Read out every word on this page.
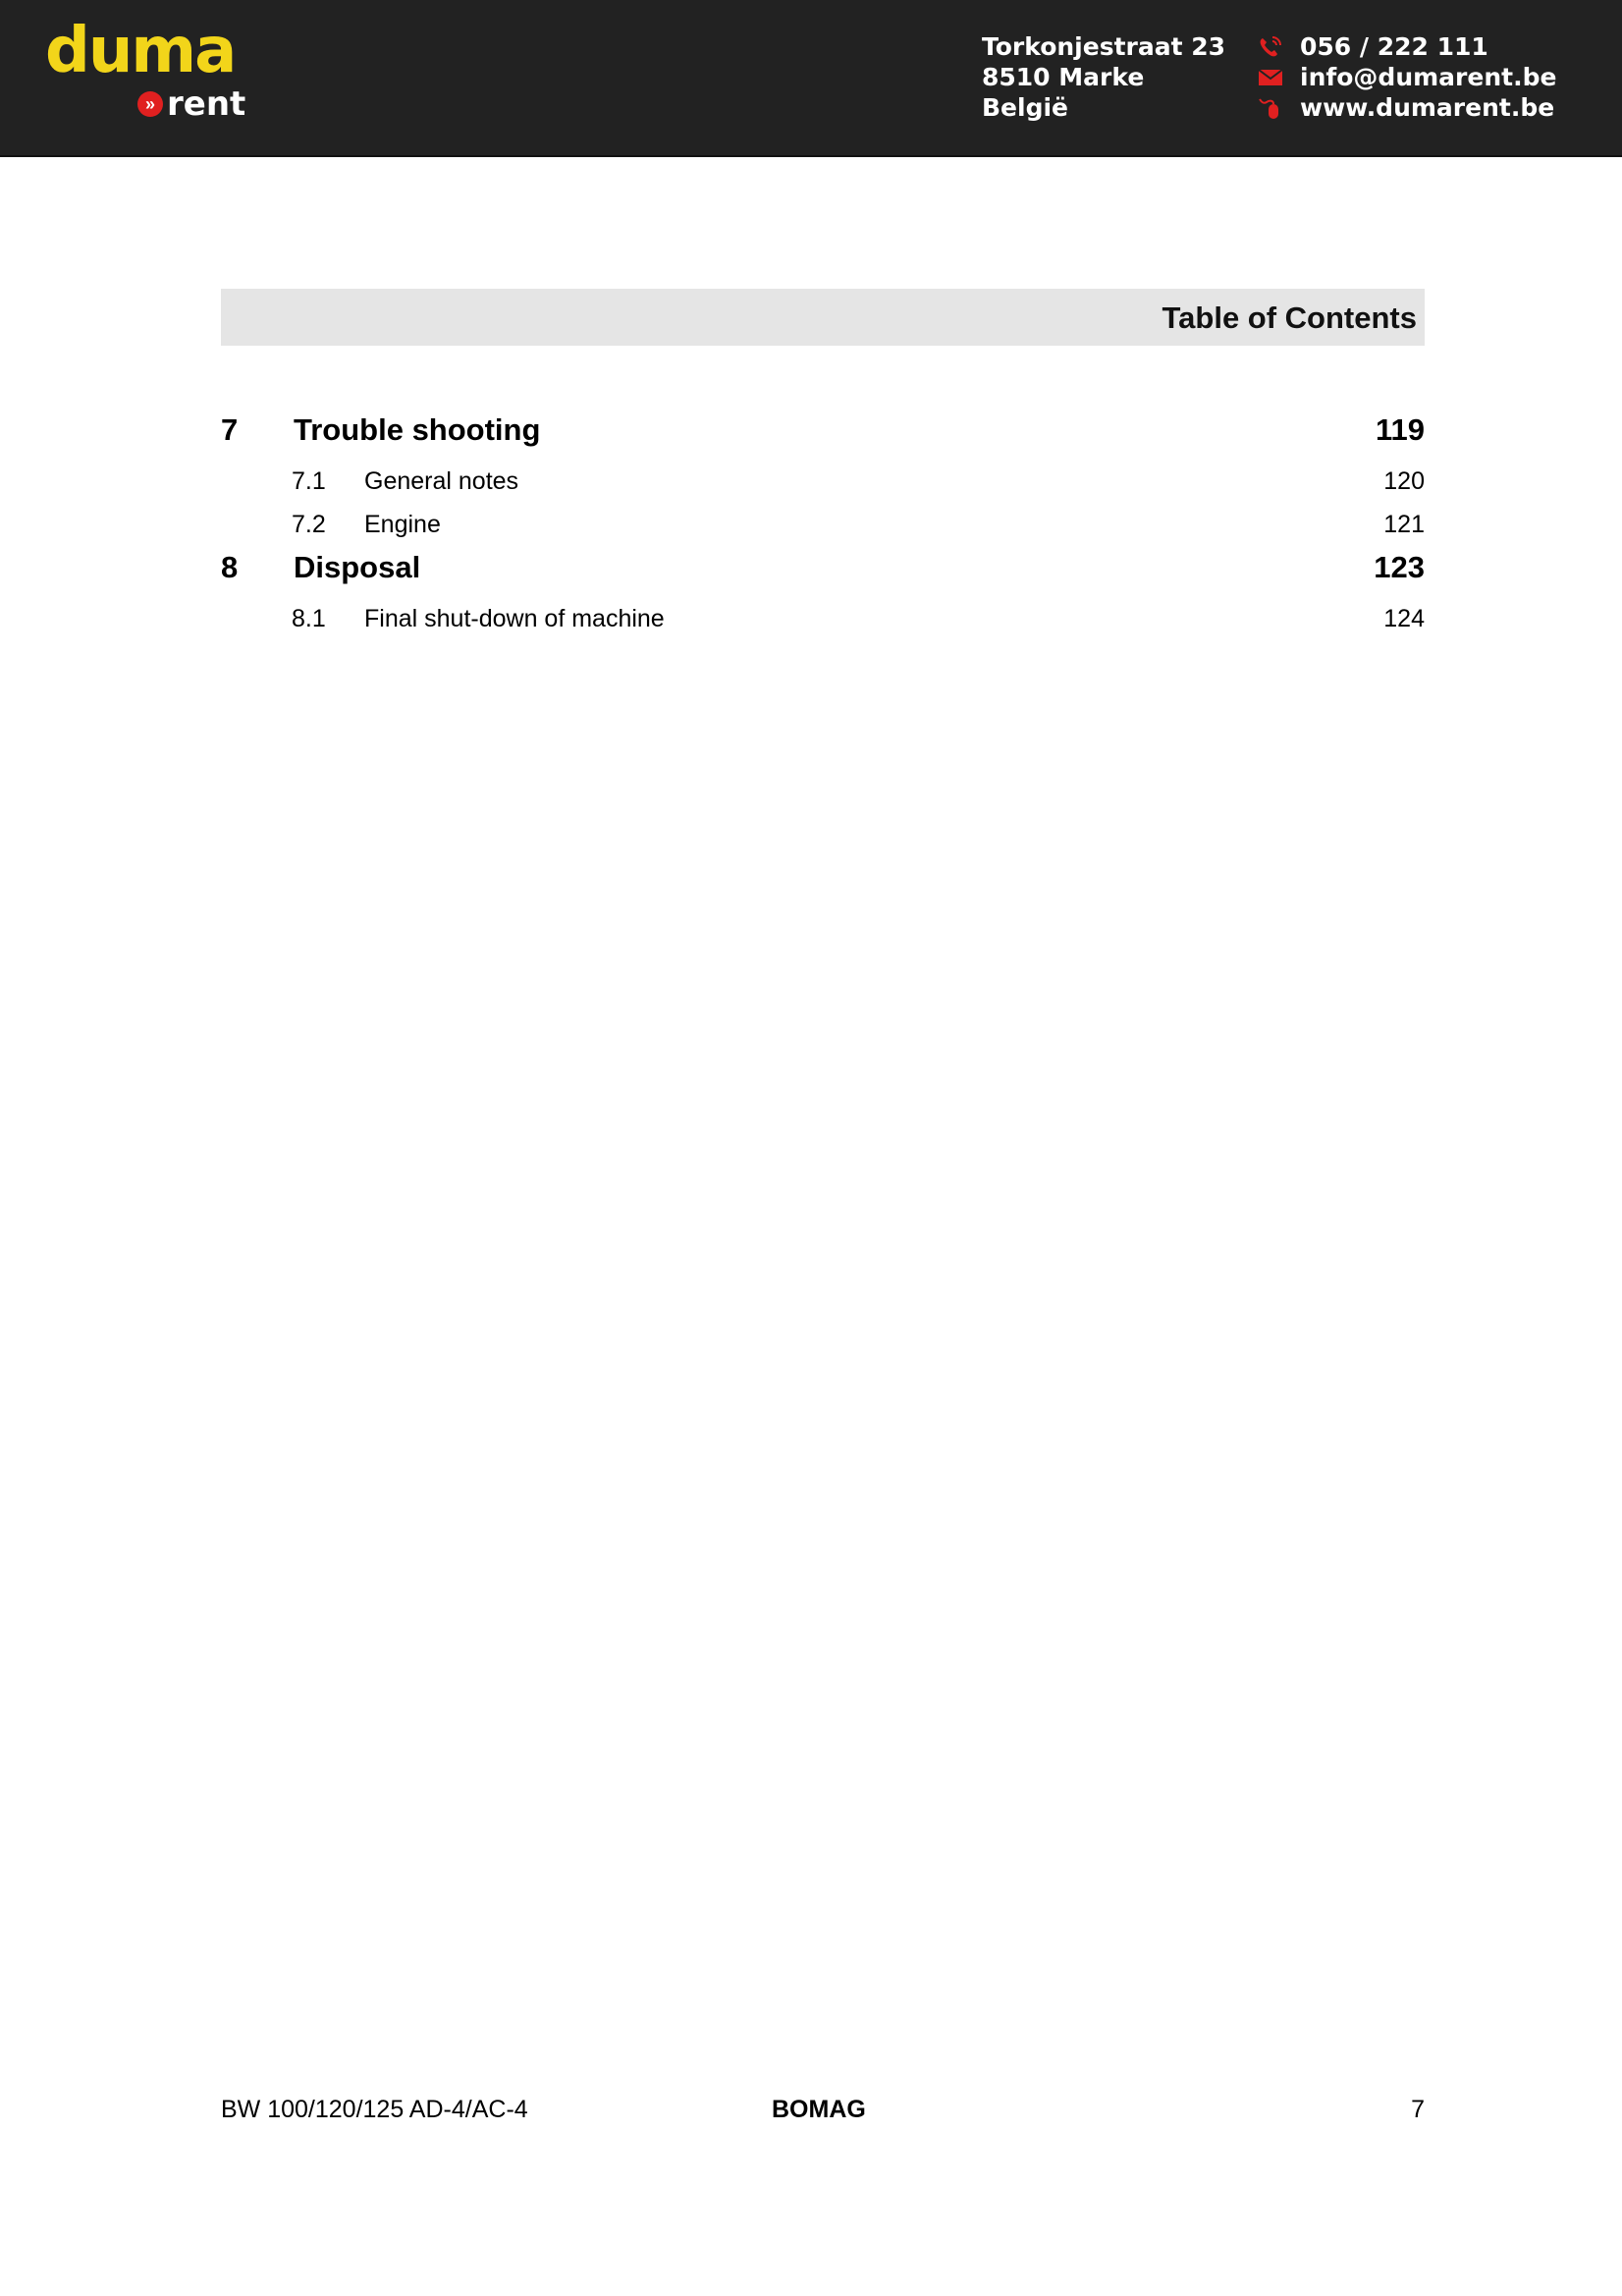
duma
» rent
Torkonjestraat 23
8510 Marke
België
056 / 222 111
info@dumarent.be
www.dumarent.be
Table of Contents
7 Trouble shooting	119
7.1 General notes	120
7.2 Engine	121
8 Disposal	123
8.1 Final shut-down of machine	124
BW 100/120/125 AD-4/AC-4	BOMAG	7
